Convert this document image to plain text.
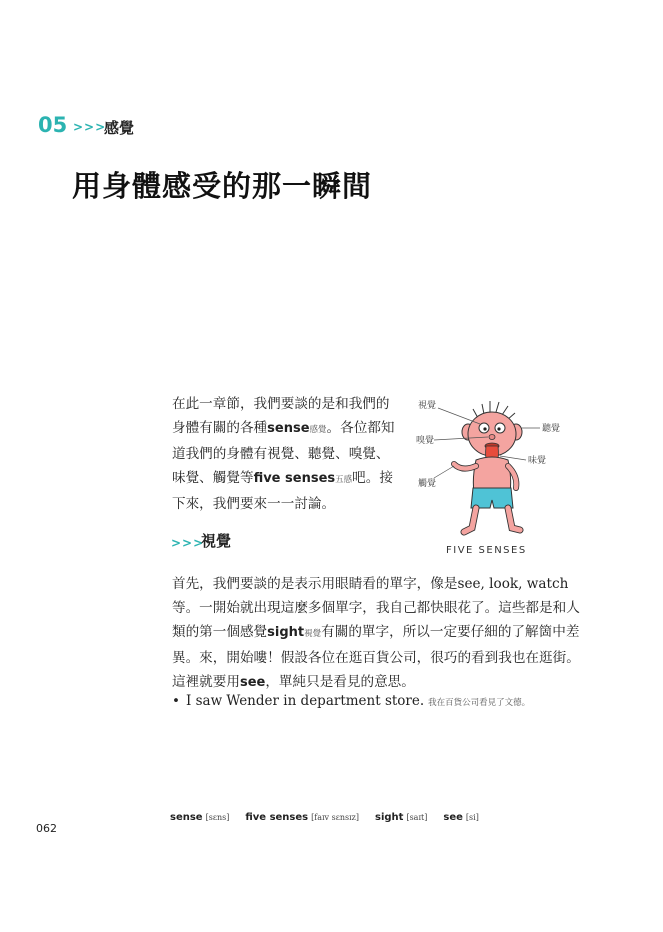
05 >>>
感覺
用身體感受的那一瞬間
在此一章節，我們要談的是和我們的身體有關的各種sense感覺。各位都知道我們的身體有視覺、聽覺、嗅覺、味覺、觸覺等five senses五感吧。接下來，我們要來一一討論。
視覺
聽覺
嗅覺
味覺
觸覺
FIVE SENSES
>>>
視覺
首先，我們要談的是表示用眼睛看的單字，像是see, look, watch等。一開始就出現這麼多個單字，我自己都快眼花了。這些都是和人類的第一個感覺sight視覺有關的單字，所以一定要仔細的了解箇中差異。來，開始嘍！假設各位在逛百貨公司，很巧的看到我也在逛街。這裡就要用see，單純只是看見的意思。
• I saw Wender in department store. 我在百貨公司看見了文德。
sense [sɛns] five senses [faɪv sɛnsɪz] sight [saɪt] see [si]
062
